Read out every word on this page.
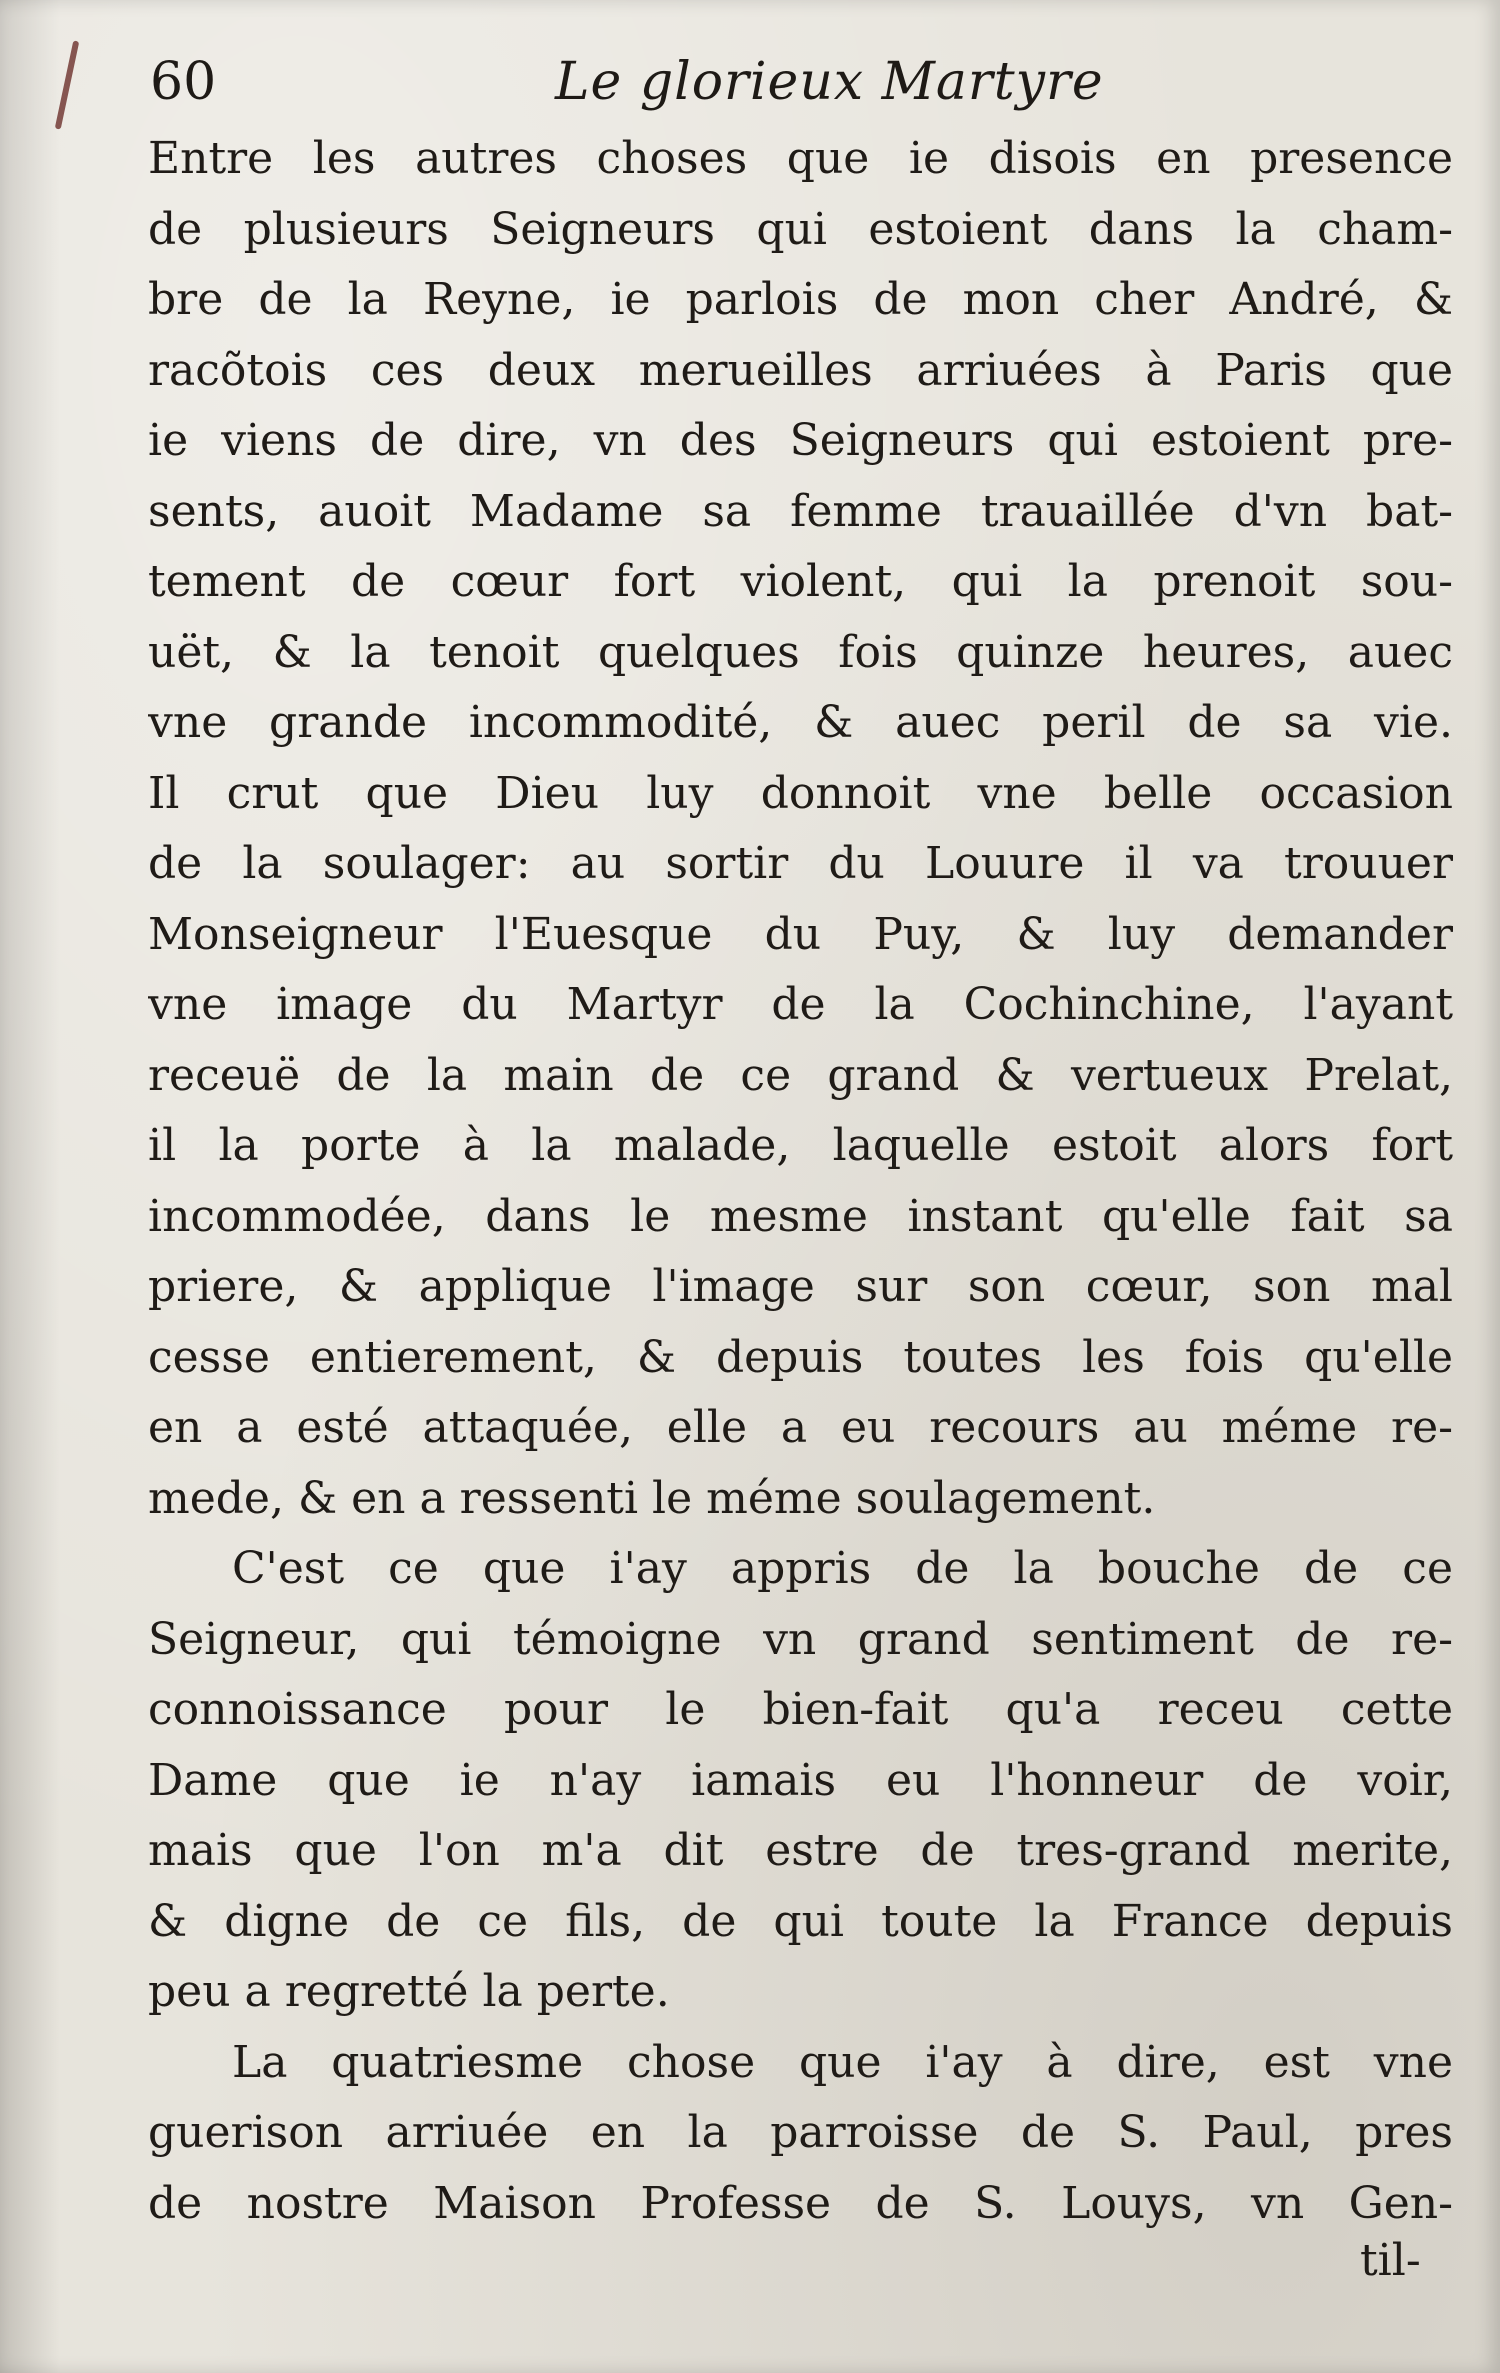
60	Le glorieux Martyre
Entre les autres choses que ie disois en presence
de plusieurs Seigneurs qui estoient dans la cham-
bre de la Reyne, ie parlois de mon cher André, &
racõtois ces deux merueilles arriuées à Paris que
ie viens de dire, vn des Seigneurs qui estoient pre-
sents, auoit Madame sa femme trauaillée d'vn bat-
tement de cœur fort violent, qui la prenoit sou-
uët, & la tenoit quelques fois quinze heures, auec
vne grande incommodité, & auec peril de sa vie.
Il crut que Dieu luy donnoit vne belle occasion
de la soulager: au sortir du Louure il va trouuer
Monseigneur l'Euesque du Puy, & luy demander
vne image du Martyr de la Cochinchine, l'ayant
receuë de la main de ce grand & vertueux Prelat,
il la porte à la malade, laquelle estoit alors fort
incommodée, dans le mesme instant qu'elle fait sa
priere, & applique l'image sur son cœur, son mal
cesse entierement, & depuis toutes les fois qu'elle
en a esté attaquée, elle a eu recours au méme re-
mede, & en a ressenti le méme soulagement.
C'est ce que i'ay appris de la bouche de ce
Seigneur, qui témoigne vn grand sentiment de re-
connoissance pour le bien-fait qu'a receu cette
Dame que ie n'ay iamais eu l'honneur de voir,
mais que l'on m'a dit estre de tres-grand merite,
& digne de ce fils, de qui toute la France depuis
peu a regretté la perte.
La quatriesme chose que i'ay à dire, est vne
guerison arriuée en la parroisse de S. Paul, pres
de nostre Maison Professe de S. Louys, vn Gen-
til-
